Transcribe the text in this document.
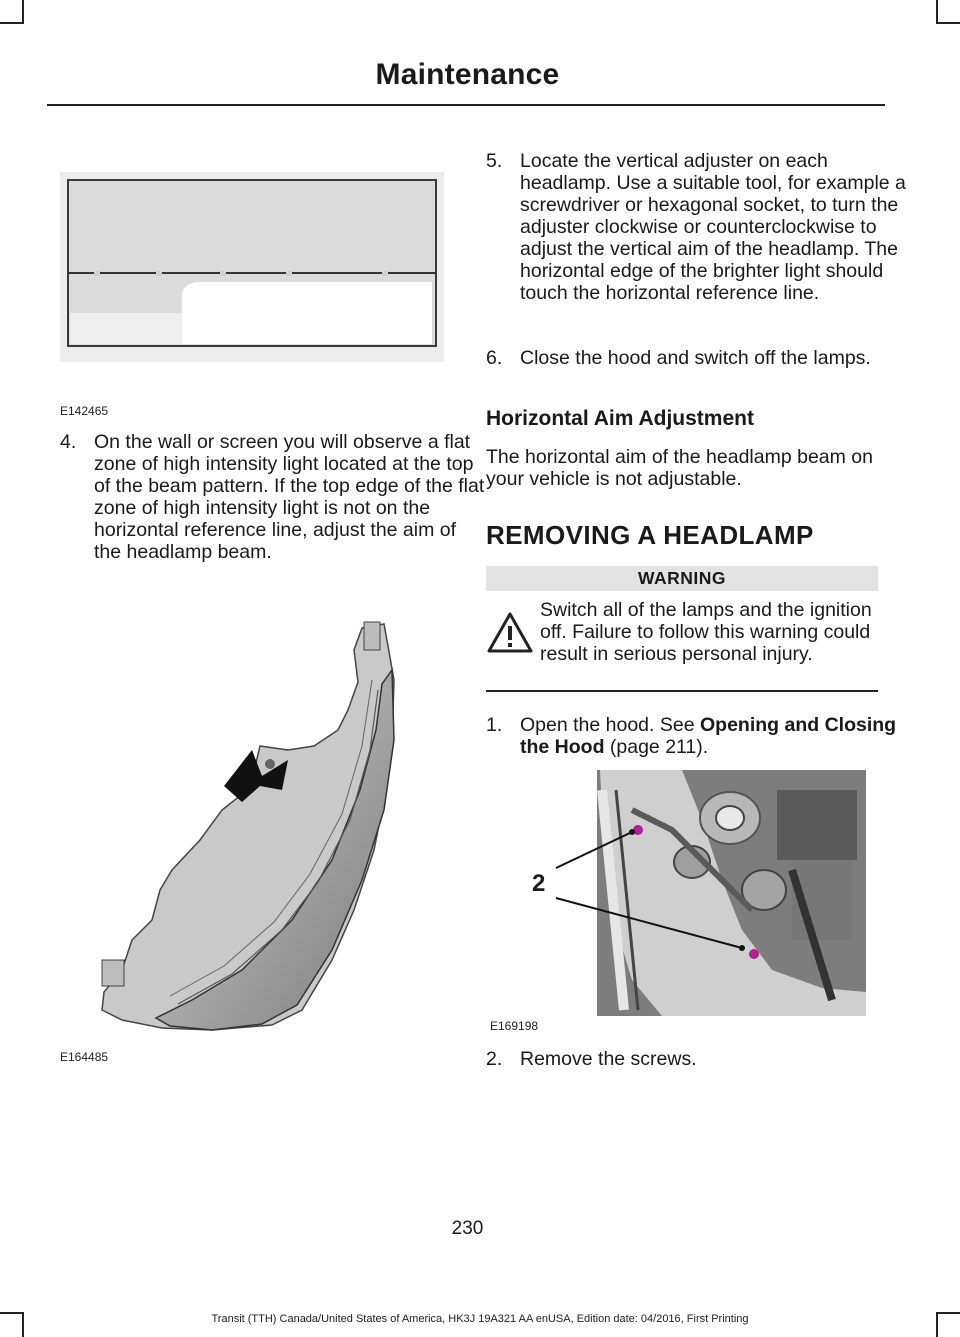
Maintenance
E142465
4. On the wall or screen you will observe a flat zone of high intensity light located at the top of the beam pattern. If the top edge of the flat zone of high intensity light is not on the horizontal reference line, adjust the aim of the headlamp beam.
E164485
5. Locate the vertical adjuster on each headlamp. Use a suitable tool, for example a screwdriver or hexagonal socket, to turn the adjuster clockwise or counterclockwise to adjust the vertical aim of the headlamp. The horizontal edge of the brighter light should touch the horizontal reference line.
6. Close the hood and switch off the lamps.
Horizontal Aim Adjustment
The horizontal aim of the headlamp beam on your vehicle is not adjustable.
REMOVING A HEADLAMP
WARNING
Switch all of the lamps and the ignition off. Failure to follow this warning could result in serious personal injury.
1. Open the hood. See Opening and Closing the Hood (page 211).
2
E169198
2. Remove the screws.
230
Transit (TTH) Canada/United States of America, HK3J 19A321 AA enUSA, Edition date: 04/2016, First Printing
